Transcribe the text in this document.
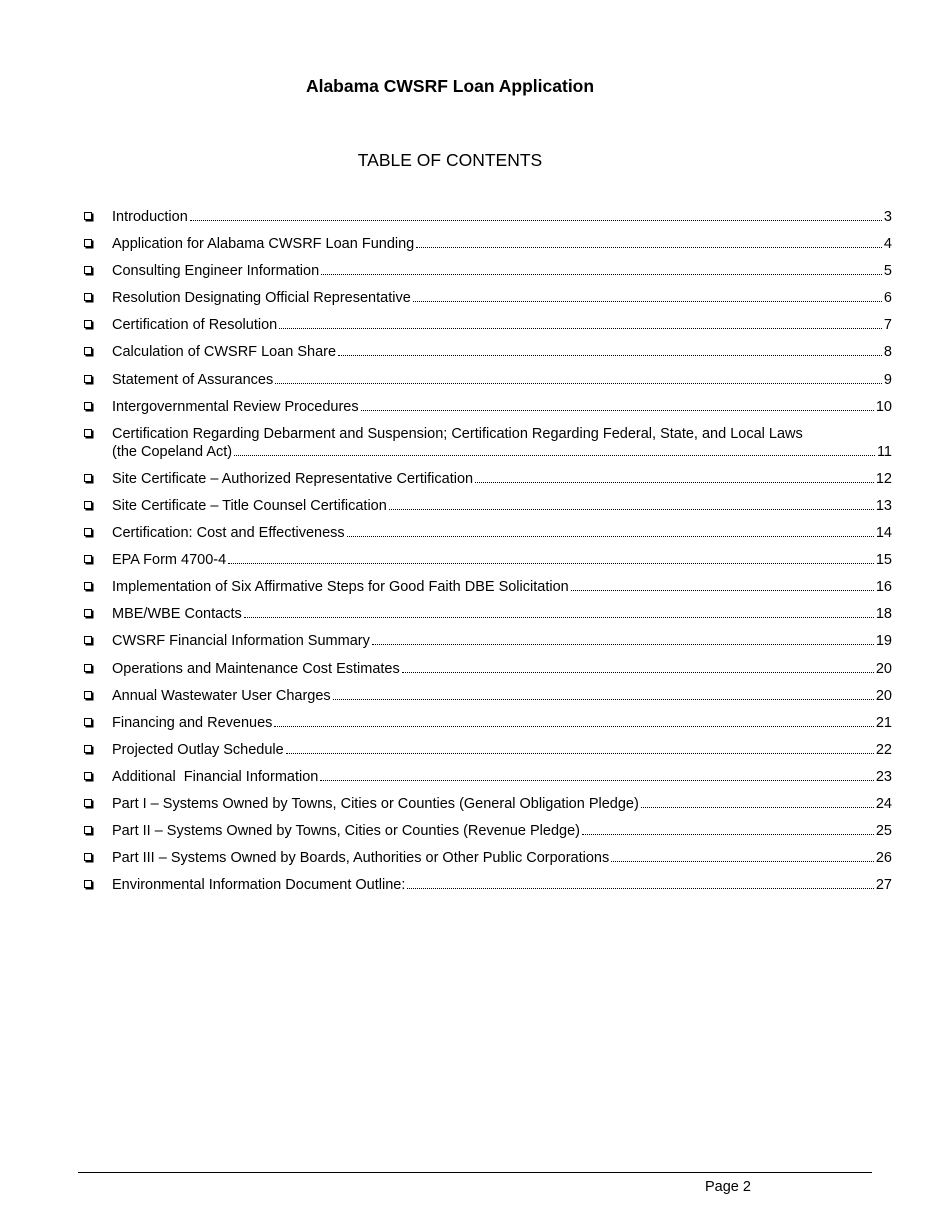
Alabama CWSRF Loan Application
TABLE OF CONTENTS
Introduction	3
Application for Alabama CWSRF Loan Funding	4
Consulting Engineer Information	5
Resolution Designating Official Representative	6
Certification of Resolution	7
Calculation of CWSRF Loan Share	8
Statement of Assurances	9
Intergovernmental Review Procedures	10
Certification Regarding Debarment and Suspension; Certification Regarding Federal, State, and Local Laws
(the Copeland Act)	11
Site Certificate – Authorized Representative Certification	12
Site Certificate – Title Counsel Certification	13
Certification: Cost and Effectiveness	14
EPA Form 4700-4	15
Implementation of Six Affirmative Steps for Good Faith DBE Solicitation	16
MBE/WBE Contacts	18
CWSRF Financial Information Summary	19
Operations and Maintenance Cost Estimates	20
Annual Wastewater User Charges	20
Financing and Revenues	21
Projected Outlay Schedule	22
Additional  Financial Information	23
Part I – Systems Owned by Towns, Cities or Counties (General Obligation Pledge)	24
Part II – Systems Owned by Towns, Cities or Counties (Revenue Pledge)	25
Part III – Systems Owned by Boards, Authorities or Other Public Corporations	26
Environmental Information Document Outline:	27
Page 2
